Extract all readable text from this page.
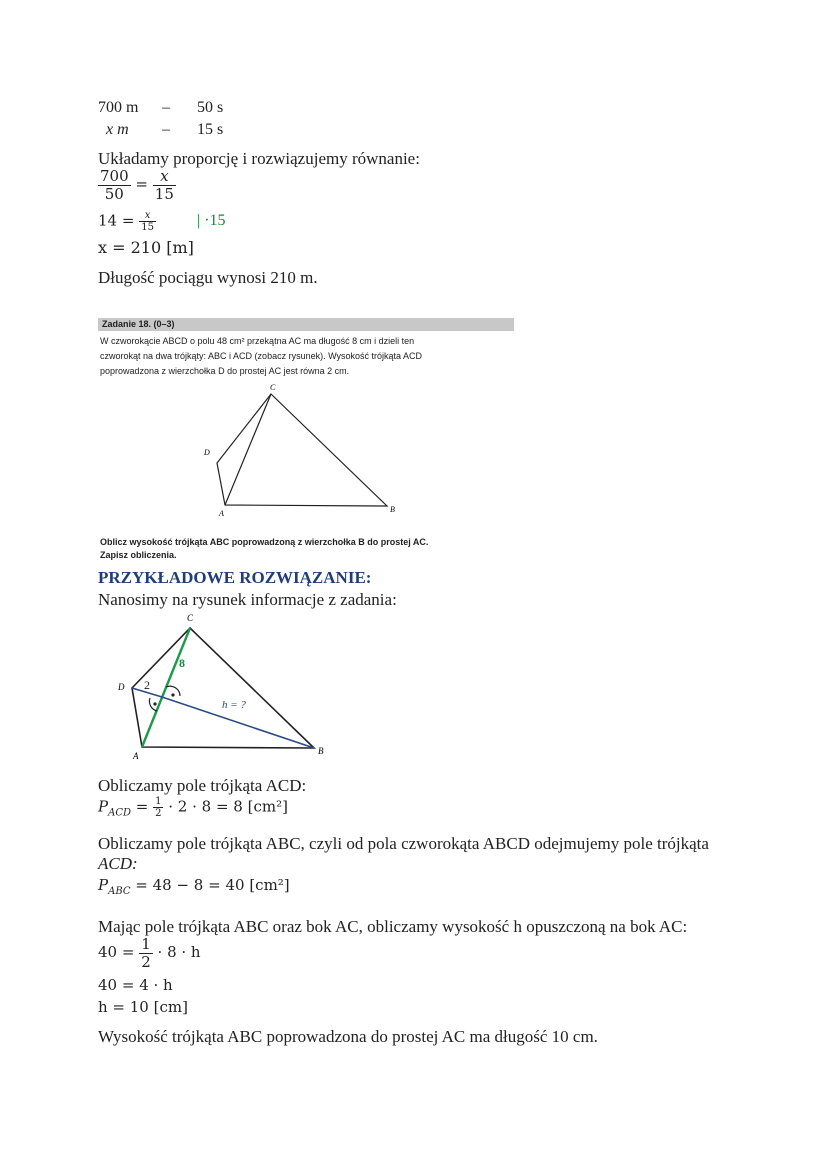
700 m – 50 s
x m – 15 s
Układamy proporcję i rozwiązujemy równanie:
$\frac{700}{50} = \frac{x}{15}$
$14 = \frac{x}{15}$	| ·15
x = 210 [m]
Długość pociągu wynosi 210 m.
Zadanie 18. (0–3)
W czworokącie ABCD o polu 48 cm² przekątna AC ma długość 8 cm i dzieli ten
czworokąt na dwa trójkąty: ABC i ACD (zobacz rysunek). Wysokość trójkąta ACD
poprowadzona z wierzchołka D do prostej AC jest równa 2 cm.
C
D
A	B
Oblicz wysokość trójkąta ABC poprowadzoną z wierzchołka B do prostej AC.
Zapisz obliczenia.
PRZYKŁADOWE ROZWIĄZANIE:
Nanosimy na rysunek informacje z zadania:
C
D
A	B
8
2
h = ?
Obliczamy pole trójkąta ACD:
$P_{ACD} = \frac{1}{2} \cdot 2 \cdot 8 = 8$ [cm²]
Obliczamy pole trójkąta ABC, czyli od pola czworokąta ABCD odejmujemy pole trójkąta
ACD:
$P_{ABC} = 48 - 8 = 40$ [cm²]
Mając pole trójkąta ABC oraz bok AC, obliczamy wysokość h opuszczoną na bok AC:
$40 = \frac{1}{2} \cdot 8 \cdot h$
40 = 4 · h
h = 10 [cm]
Wysokość trójkąta ABC poprowadzona do prostej AC ma długość 10 cm.
